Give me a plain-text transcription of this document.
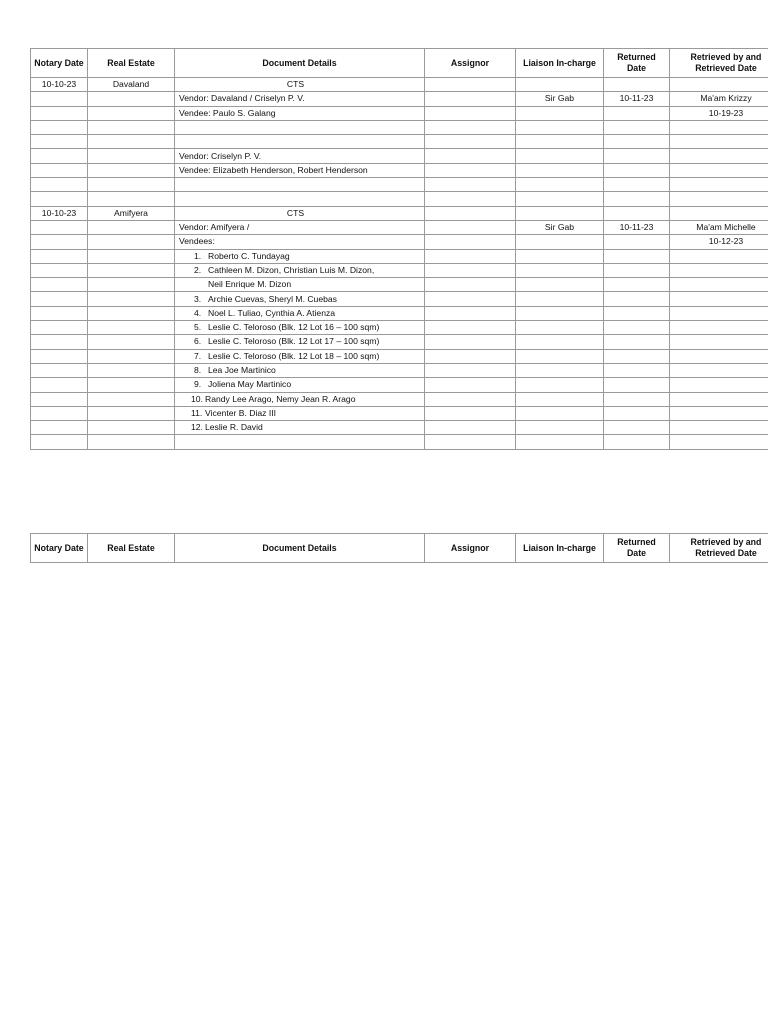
Notary Date	Real Estate	Document Details	Assignor	Liaison In-charge	Returned Date	Retrieved by and Retrieved Date
10-10-23	Davaland	CTS				
		Vendor: Davaland / Criselyn P. V.		Sir Gab	10-11-23	Ma'am Krizzy
		Vendee: Paulo S. Galang				10-19-23

		Vendor: Criselyn P. V.				
		Vendee: Elizabeth Henderson, Robert Henderson				

10-10-23	Amifyera	CTS				
		Vendor: Amifyera /		Sir Gab	10-11-23	Ma'am Michelle
		Vendees:				10-12-23
		1. Roberto C. Tundayag				
		2. Cathleen M. Dizon, Christian Luis M. Dizon,				
		Neil Enrique M. Dizon				
		3. Archie Cuevas, Sheryl M. Cuebas				
		4. Noel L. Tuliao, Cynthia A. Atienza				
		5. Leslie C. Teloroso (Blk. 12 Lot 16 – 100 sqm)				
		6. Leslie C. Teloroso (Blk. 12 Lot 17 – 100 sqm)				
		7. Leslie C. Teloroso (Blk. 12 Lot 18 – 100 sqm)				
		8. Lea Joe Martinico				
		9. Joliena May Martinico				
		10. Randy Lee Arago, Nemy Jean R. Arago				
		11. Vicenter B. Diaz III				
		12. Leslie R. David				

Notary Date	Real Estate	Document Details	Assignor	Liaison In-charge	Returned Date	Retrieved by and Retrieved Date
